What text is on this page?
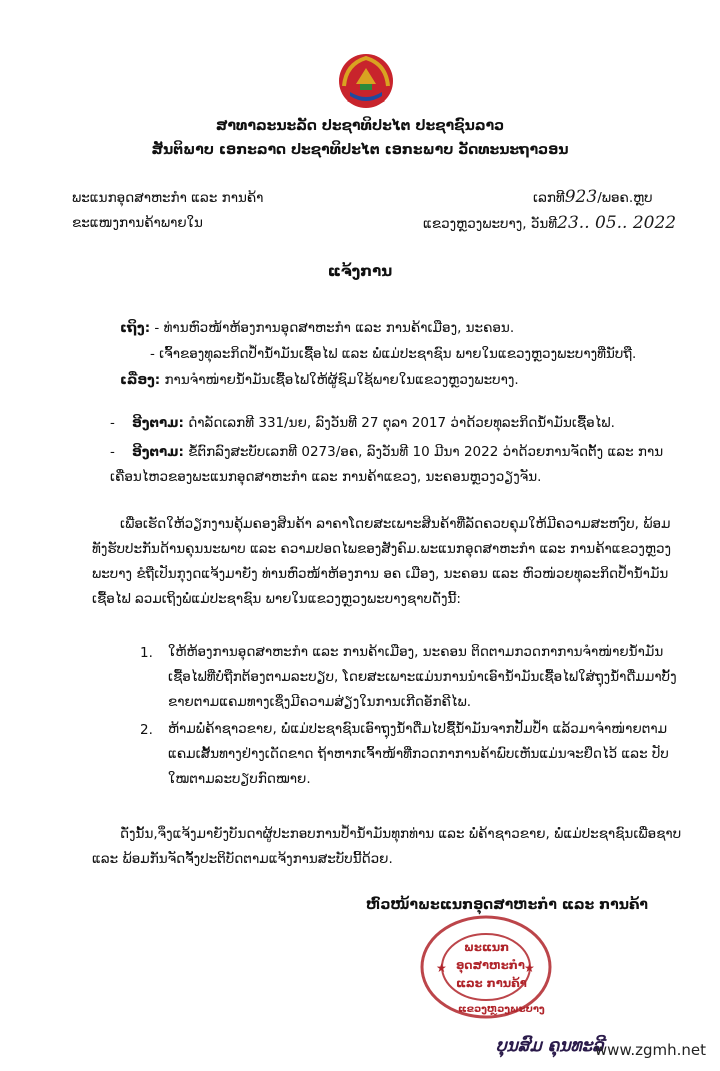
ສາທາລະນະລັດ ປະຊາທິປະໄຕ ປະຊາຊົນລາວ
ສັນຕິພາບ ເອກະລາດ ປະຊາທິປະໄຕ ເອກະພາບ ວັດທະນະຖາວອນ
ພະແນກອຸດສາຫະກຳ ແລະ ການຄ້າ
ຂະແໜງການຄ້າພາຍໃນ
ເລກທີ923/ພອຄ.ຫຼບ
ແຂວງຫຼວງພະບາງ, ວັນທີ23.. 05.. 2022
ແຈ້ງການ
ເຖິງ: - ທ່ານຫົວໜ້າຫ້ອງການອຸດສາຫະກຳ ແລະ ການຄ້າເມືອງ, ນະຄອນ.
- ເຈົ້າຂອງທຸລະກິດປ້ຳນ້ຳມັນເຊື້ອໄຟ ແລະ ພໍ່ແມ່ປະຊາຊົນ ພາຍໃນແຂວງຫຼວງພະບາງທີ່ນັບຖື.
ເລື່ອງ: ການຈຳໜ່າຍນ້ຳມັນເຊື້ອໄຟໃຫ້ຜູ້ຊົມໃຊ້ພາຍໃນແຂວງຫຼວງພະບາງ.
-    ອີງຕາມ: ດຳລັດເລກທີ 331/ນຍ, ລົງວັນທີ 27 ຕຸລາ 2017 ວ່າດ້ວຍທຸລະກິດນ້ຳມັນເຊື້ອໄຟ.
-    ອີງຕາມ: ຂໍ້ຕົກລົງສະບັບເລກທີ 0273/ອຄ, ລົງວັນທີ 10 ມີນາ 2022 ວ່າດ້ວຍການຈັດຕັ້ງ ແລະ ການເຄື່ອນໄຫວຂອງພະແນກອຸດສາຫະກຳ ແລະ ການຄ້າແຂວງ, ນະຄອນຫຼວງວຽງຈັນ.
ເພື່ອເຮັດໃຫ້ວຽກງານຄຸ້ມຄອງສິນຄ້າ ລາຄາໂດຍສະເພາະສິນຄ້າທີ່ລັດຄວບຄຸມໃຫ້ມີຄວາມສະຫງົບ, ພ້ອມທັງຮັບປະກັນດ້ານຄຸນນະພາບ ແລະ ຄວາມປອດໄພຂອງສັງຄົມ.ພະແນກອຸດສາຫະກຳ ແລະ ການຄ້າແຂວງຫຼວງພະບາງ ຂໍຖືເປັນກຸງດແຈ້ງມາຍັງ ທ່ານຫົວໜ້າຫ້ອງການ ອຄ ເມືອງ, ນະຄອນ ແລະ ຫົວໜ່ວຍທຸລະກິດປ້ຳນ້ຳມັນເຊື້ອໄຟ ລວມເຖິງພໍ່ແມ່ປະຊາຊົນ ພາຍໃນແຂວງຫຼວງພະບາງຊາບດັ່ງນີ້:
1. ໃຫ້ຫ້ອງການອຸດສາຫະກຳ ແລະ ການຄ້າເມືອງ, ນະຄອນ ຕິດຕາມກວດກາການຈຳໜ່າຍນ້ຳມັນເຊື້ອໄຟທີ່ບໍ່ຖືກຕ້ອງຕາມລະບຽບ, ໂດຍສະເພາະແມ່ນການນຳເອົານ້ຳມັນເຊື້ອໄຟໃສ່ຖຸງນ້ຳດື່ມມາບັ້ງຂາຍຕາມແຄມທາງເຊິ່ງມີຄວາມສ່ຽງໃນການເກີດອັກຄີໄພ.
2. ຫ້າມພໍ່ຄ້າຊາວຂາຍ, ພໍ່ແມ່ປະຊາຊົນເອົາຖຸງນ້ຳດື່ມໄປຊື້ນ້ຳມັນຈາກປັ້ມປ້ຳ ແລ້ວມາຈຳໜ່າຍຕາມແຄມເສັ້ນທາງຢ່າງເດັດຂາດ ຖ້າຫາກເຈົ້າໜ້າທີ່ກວດກາການຄ້າພົບເຫັນແມ່ນຈະຢຶດໄວ້ ແລະ ປັບໃໝຕາມລະບຽບກົດໝາຍ.
ດັ່ງນັ້ນ,ຈິ່ງແຈ້ງມາຍັງບັນດາຜູ້ປະກອບການປ້ຳນ້ຳມັນທຸກທ່ານ ແລະ ພໍ່ຄ້າຊາວຂາຍ, ພໍ່ແມ່ປະຊາຊົນເພື່ອຊາບ ແລະ ພ້ອມກັນຈັດຈັ້ງປະຕິບັດຕາມແຈ້ງການສະບັບນີ້ດ້ວຍ.
ຫົວໜ້າພະແນກອຸດສາຫະກຳ ແລະ ການຄ້າ
★	★
ພະແນກ
ອຸດສາຫະກຳ
ແລະ ການຄ້າ
ແຂວງຫຼວງພະບາງ
ບຸນສົມ ຄຸນທະລີ
www.zgmh.net
